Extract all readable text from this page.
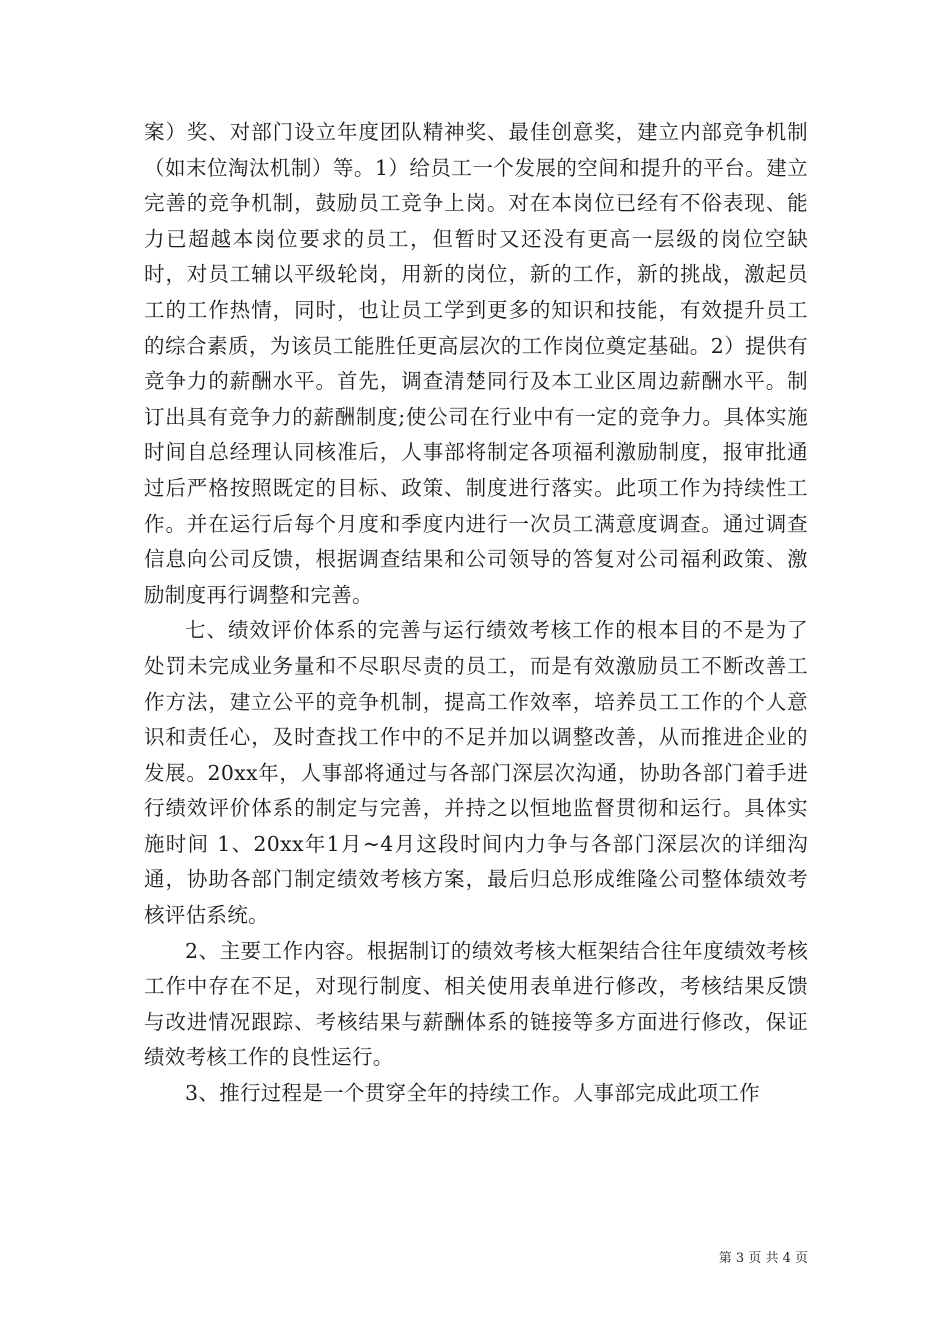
案）奖、对部门设立年度团队精神奖、最佳创意奖，建立内部竞争机制（如末位淘汰机制）等。1）给员工一个发展的空间和提升的平台。建立完善的竞争机制，鼓励员工竞争上岗。对在本岗位已经有不俗表现、能力已超越本岗位要求的员工，但暂时又还没有更高一层级的岗位空缺时，对员工辅以平级轮岗，用新的岗位，新的工作，新的挑战，激起员工的工作热情，同时，也让员工学到更多的知识和技能，有效提升员工的综合素质，为该员工能胜任更高层次的工作岗位奠定基础。2）提供有竞争力的薪酬水平。首先，调查清楚同行及本工业区周边薪酬水平。制订出具有竞争力的薪酬制度;使公司在行业中有一定的竞争力。具体实施时间自总经理认同核准后，人事部将制定各项福利激励制度，报审批通过后严格按照既定的目标、政策、制度进行落实。此项工作为持续性工作。并在运行后每个月度和季度内进行一次员工满意度调查。通过调查信息向公司反馈，根据调查结果和公司领导的答复对公司福利政策、激励制度再行调整和完善。

七、绩效评价体系的完善与运行绩效考核工作的根本目的不是为了处罚未完成业务量和不尽职尽责的员工，而是有效激励员工不断改善工作方法，建立公平的竞争机制，提高工作效率，培养员工工作的个人意识和责任心，及时查找工作中的不足并加以调整改善，从而推进企业的发展。20xx年，人事部将通过与各部门深层次沟通，协助各部门着手进行绩效评价体系的制定与完善，并持之以恒地监督贯彻和运行。具体实施时间 1、20xx年1月~4月这段时间内力争与各部门深层次的详细沟通，协助各部门制定绩效考核方案，最后归总形成维隆公司整体绩效考核评估系统。

2、主要工作内容。根据制订的绩效考核大框架结合往年度绩效考核工作中存在不足，对现行制度、相关使用表单进行修改，考核结果反馈与改进情况跟踪、考核结果与薪酬体系的链接等多方面进行修改，保证绩效考核工作的良性运行。

3、推行过程是一个贯穿全年的持续工作。人事部完成此项工作

第 3 页 共 4 页
